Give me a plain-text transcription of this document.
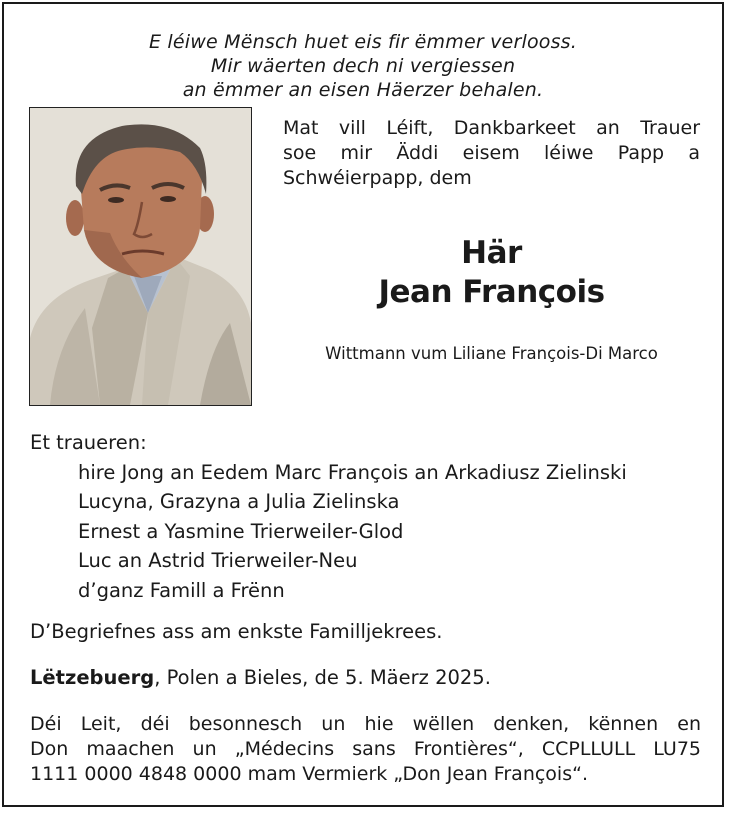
E léiwe Mënsch huet eis fir ëmmer verlooss.
Mir wäerten dech ni vergiessen
an ëmmer an eisen Häerzer behalen.
Mat vill Léift, Dankbarkeet an Trauer
soe mir Äddi eisem léiwe Papp a
Schwéierpapp, dem
Här
Jean François
Wittmann vum Liliane François-Di Marco
Et traueren:
hire Jong an Eedem Marc François an Arkadiusz Zielinski
Lucyna, Grazyna a Julia Zielinska
Ernest a Yasmine Trierweiler-Glod
Luc an Astrid Trierweiler-Neu
d’ganz Famill a Frënn
D’Begriefnes ass am enkste Familljekrees.
Lëtzebuerg, Polen a Bieles, de 5. Mäerz 2025.
Déi Leit, déi besonnesch un hie wëllen denken, kënnen en
Don maachen un „Médecins sans Frontières“, CCPLLULL LU75
1111 0000 4848 0000 mam Vermierk „Don Jean François“.
